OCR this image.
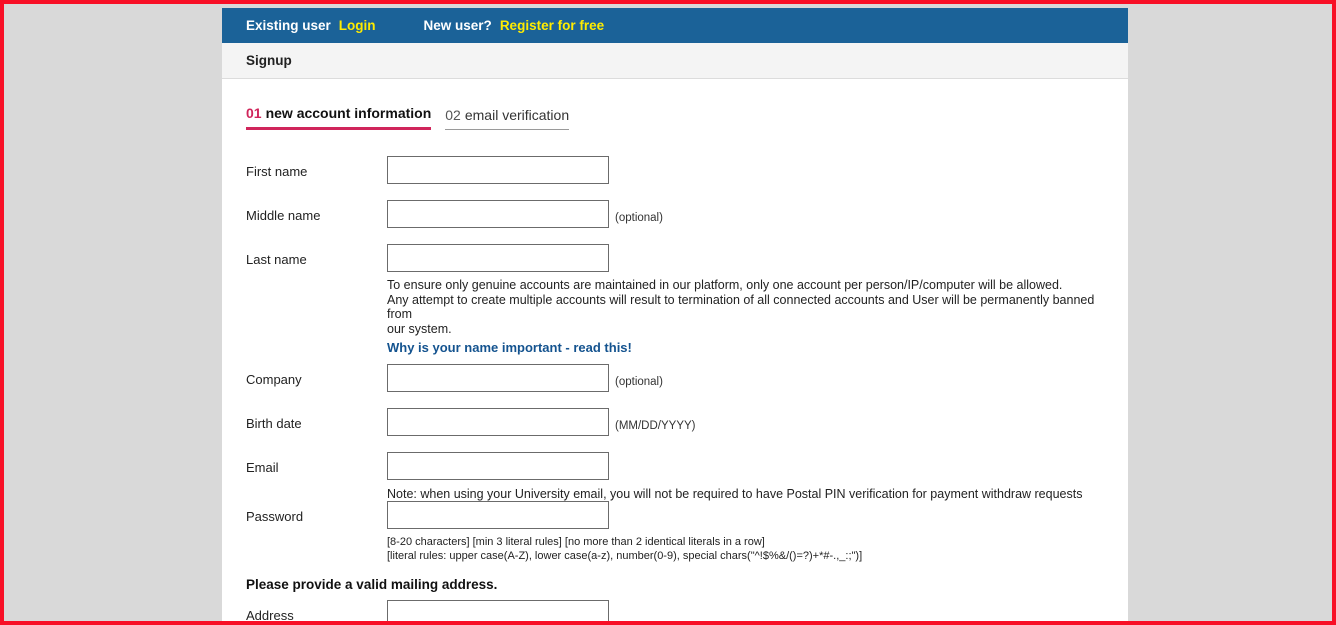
Existing user Login	New user? Register for free
Signup
01 new account information 02 email verification
First name
Middle name	(optional)
Last name
To ensure only genuine accounts are maintained in our platform, only one account per person/IP/computer will be allowed.
Any attempt to create multiple accounts will result to termination of all connected accounts and User will be permanently banned from
our system.
Why is your name important - read this!
Company	(optional)
Birth date	(MM/DD/YYYY)
Email
Note: when using your University email, you will not be required to have Postal PIN verification for payment withdraw requests
Password
[8-20 characters] [min 3 literal rules] [no more than 2 identical literals in a row]
[literal rules: upper case(A-Z), lower case(a-z), number(0-9), special chars("^!$%&/()=?)+*#-.,_:;")]
Please provide a valid mailing address.
Address
